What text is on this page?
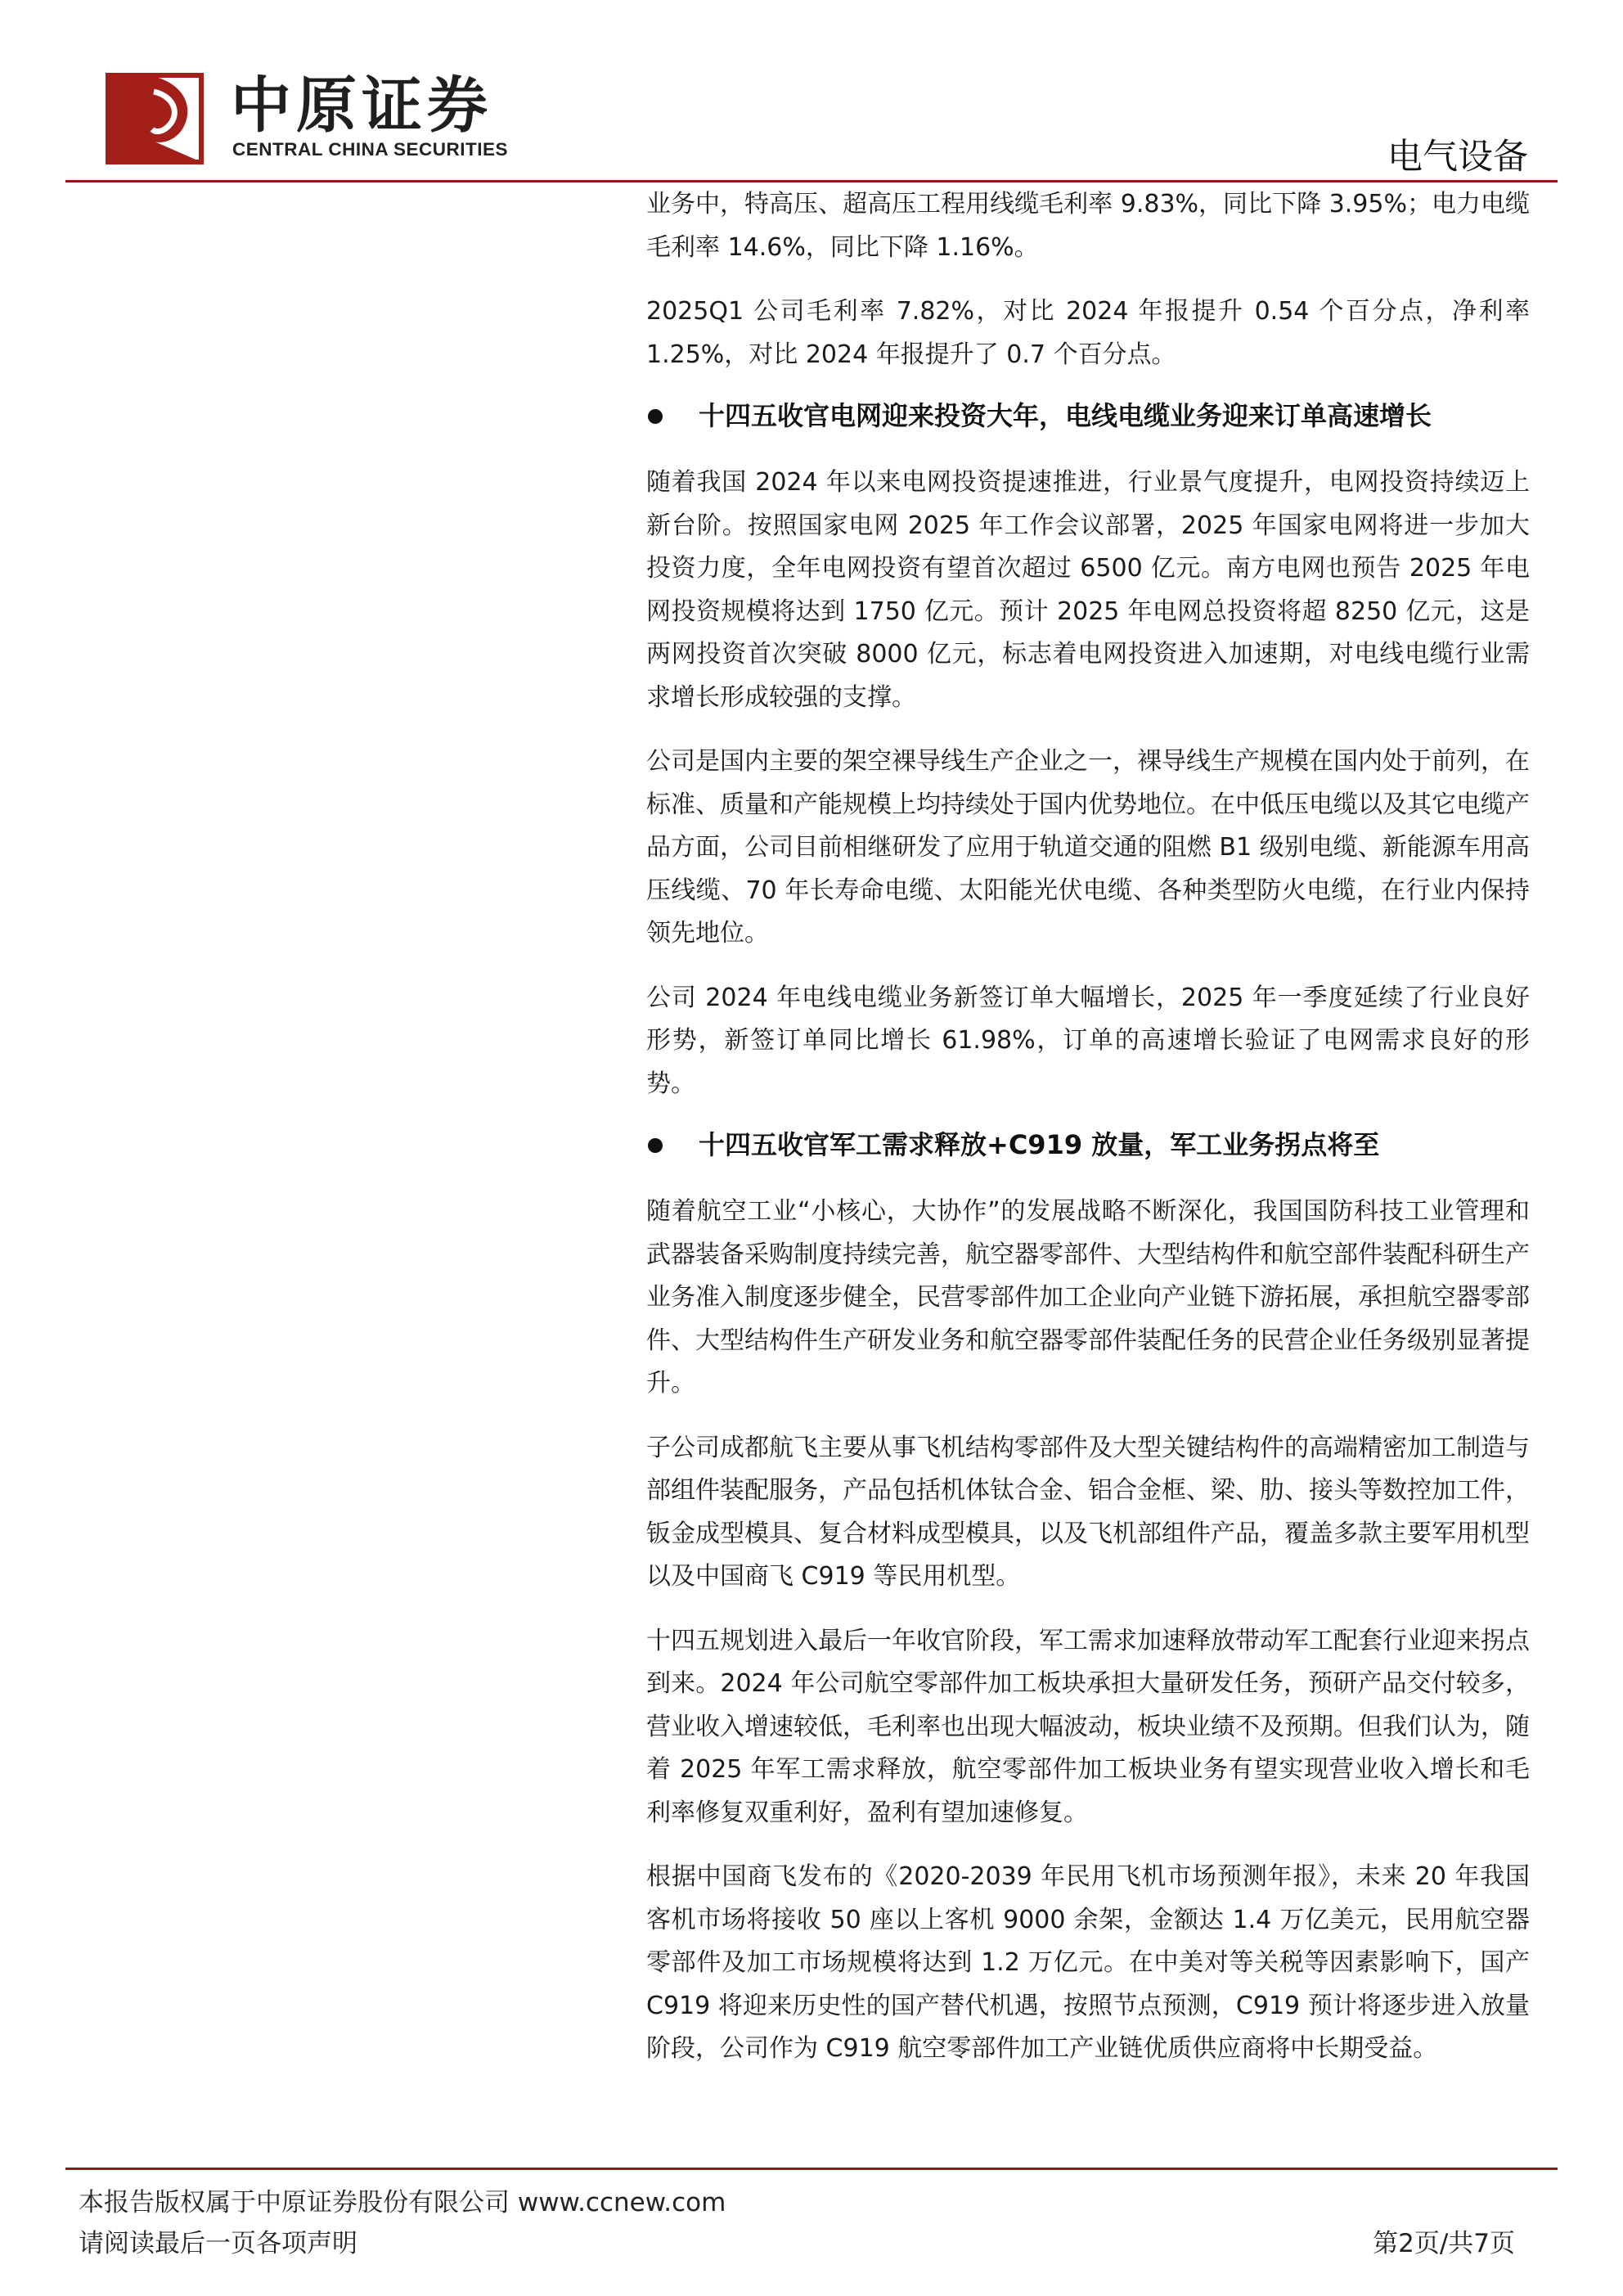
中原证券
CENTRAL CHINA SECURITIES	电气设备

业务中，特高压、超高压工程用线缆毛利率 9.83%，同比下降 3.95%；电力电缆毛利率 14.6%，同比下降 1.16%。

2025Q1 公司毛利率 7.82%，对比 2024 年报提升 0.54 个百分点，净利率 1.25%，对比 2024 年报提升了 0.7 个百分点。

十四五收官电网迎来投资大年，电线电缆业务迎来订单高速增长

随着我国 2024 年以来电网投资提速推进，行业景气度提升，电网投资持续迈上新台阶。按照国家电网 2025 年工作会议部署，2025 年国家电网将进一步加大投资力度，全年电网投资有望首次超过 6500 亿元。南方电网也预告 2025 年电网投资规模将达到 1750 亿元。预计 2025 年电网总投资将超 8250 亿元，这是两网投资首次突破 8000 亿元，标志着电网投资进入加速期，对电线电缆行业需求增长形成较强的支撑。

公司是国内主要的架空裸导线生产企业之一，裸导线生产规模在国内处于前列，在标准、质量和产能规模上均持续处于国内优势地位。在中低压电缆以及其它电缆产品方面，公司目前相继研发了应用于轨道交通的阻燃 B1 级别电缆、新能源车用高压线缆、70 年长寿命电缆、太阳能光伏电缆、各种类型防火电缆，在行业内保持领先地位。

公司 2024 年电线电缆业务新签订单大幅增长，2025 年一季度延续了行业良好形势，新签订单同比增长 61.98%，订单的高速增长验证了电网需求良好的形势。

十四五收官军工需求释放+C919 放量，军工业务拐点将至

随着航空工业“小核心，大协作”的发展战略不断深化，我国国防科技工业管理和武器装备采购制度持续完善，航空器零部件、大型结构件和航空部件装配科研生产业务准入制度逐步健全，民营零部件加工企业向产业链下游拓展，承担航空器零部件、大型结构件生产研发业务和航空器零部件装配任务的民营企业任务级别显著提升。

子公司成都航飞主要从事飞机结构零部件及大型关键结构件的高端精密加工制造与部组件装配服务，产品包括机体钛合金、铝合金框、梁、肋、接头等数控加工件，钣金成型模具、复合材料成型模具，以及飞机部组件产品，覆盖多款主要军用机型以及中国商飞 C919 等民用机型。

十四五规划进入最后一年收官阶段，军工需求加速释放带动军工配套行业迎来拐点到来。2024 年公司航空零部件加工板块承担大量研发任务，预研产品交付较多，营业收入增速较低，毛利率也出现大幅波动，板块业绩不及预期。但我们认为，随着 2025 年军工需求释放，航空零部件加工板块业务有望实现营业收入增长和毛利率修复双重利好，盈利有望加速修复。

根据中国商飞发布的《2020-2039 年民用飞机市场预测年报》，未来 20 年我国客机市场将接收 50 座以上客机 9000 余架，金额达 1.4 万亿美元，民用航空器零部件及加工市场规模将达到 1.2 万亿元。在中美对等关税等因素影响下，国产 C919 将迎来历史性的国产替代机遇，按照节点预测，C919 预计将逐步进入放量阶段，公司作为 C919 航空零部件加工产业链优质供应商将中长期受益。

本报告版权属于中原证券股份有限公司 www.ccnew.com
请阅读最后一页各项声明	第2页/共7页
